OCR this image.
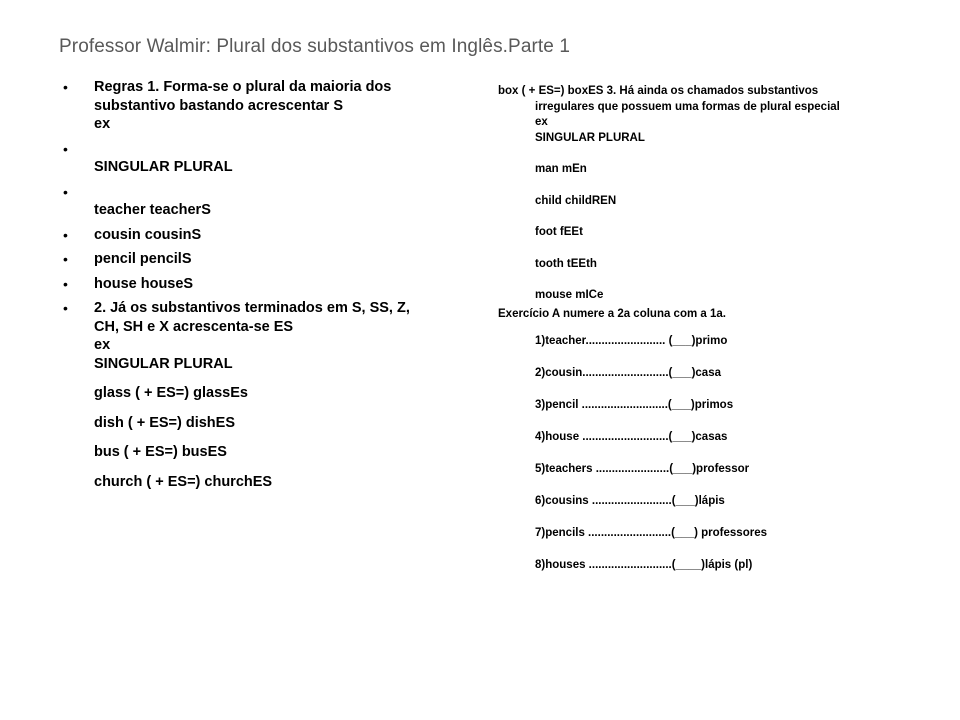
Professor Walmir: Plural dos substantivos em Inglês.Parte 1
• Regras 1. Forma-se o plural da maioria dos
substantivo bastando acrescentar S
ex
•

SINGULAR PLURAL
•

teacher teacherS
• cousin cousinS
• pencil pencilS
• house houseS
• 2. Já os substantivos terminados em S, SS, Z,
CH, SH e X acrescenta-se ES
ex
SINGULAR PLURAL
glass ( + ES=) glassEs
dish ( + ES=) dishES
bus ( + ES=) busES
church ( + ES=) churchES
box ( + ES=) boxES 3. Há ainda os chamados substantivos
irregulares que possuem uma formas de plural especial
ex
SINGULAR PLURAL
man mEn
child childREN
foot fEEt
tooth tEEth
mouse mICe
Exercício A numere a 2a coluna com a 1a.
1)teacher......................... (___)primo
2)cousin...........................(___)casa
3)pencil ...........................(___)primos
4)house ...........................(___)casas
5)teachers .......................(___)professor
6)cousins .........................(___)lápis
7)pencils ..........................(___) professores
8)houses ..........................(____)lápis (pl)
